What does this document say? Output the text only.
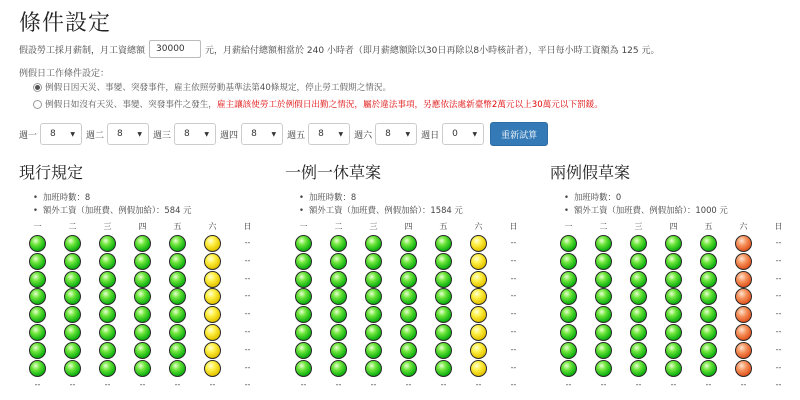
條件設定
假設勞工採月薪制，月工資總額
30000	元，月薪給付總額相當於 240 小時者（即月薪總額除以30日再除以8小時核計者），平日每小時工資額為 125 元。
例假日工作條件設定：
例假日因天災、事變、突發事件，雇主依照勞動基準法第40條規定，停止勞工假期之情況。
例假日如沒有天災、事變、突發事件之發生， 雇主讓該使勞工於例假日出勤之情況，屬於違法事項，另應依法處新臺幣2萬元以上30萬元以下罰鍰。
週一 8 ▼ 週二 8 ▼ 週三 8 ▼ 週四 8 ▼ 週五 8 ▼ 週六 8 ▼ 週日 0 ▼	重新試算
現行規定
• 加班時數：8
• 額外工資（加班費、例假加給）：584 元
一例一休草案
• 加班時數：8
• 額外工資（加班費、例假加給）：1584 元
兩例假草案
• 加班時數：0
• 額外工資（加班費、例假加給）：1000 元
一
--
二
--
三
--
四
--
五
--
六
--
日
--
--
--
--
--
--
--
--
--
一
--
二
--
三
--
四
--
五
--
六
--
日
--
--
--
--
--
--
--
--
--
一
--
二
--
三
--
四
--
五
--
六
--
日
--
--
--
--
--
--
--
--
--
